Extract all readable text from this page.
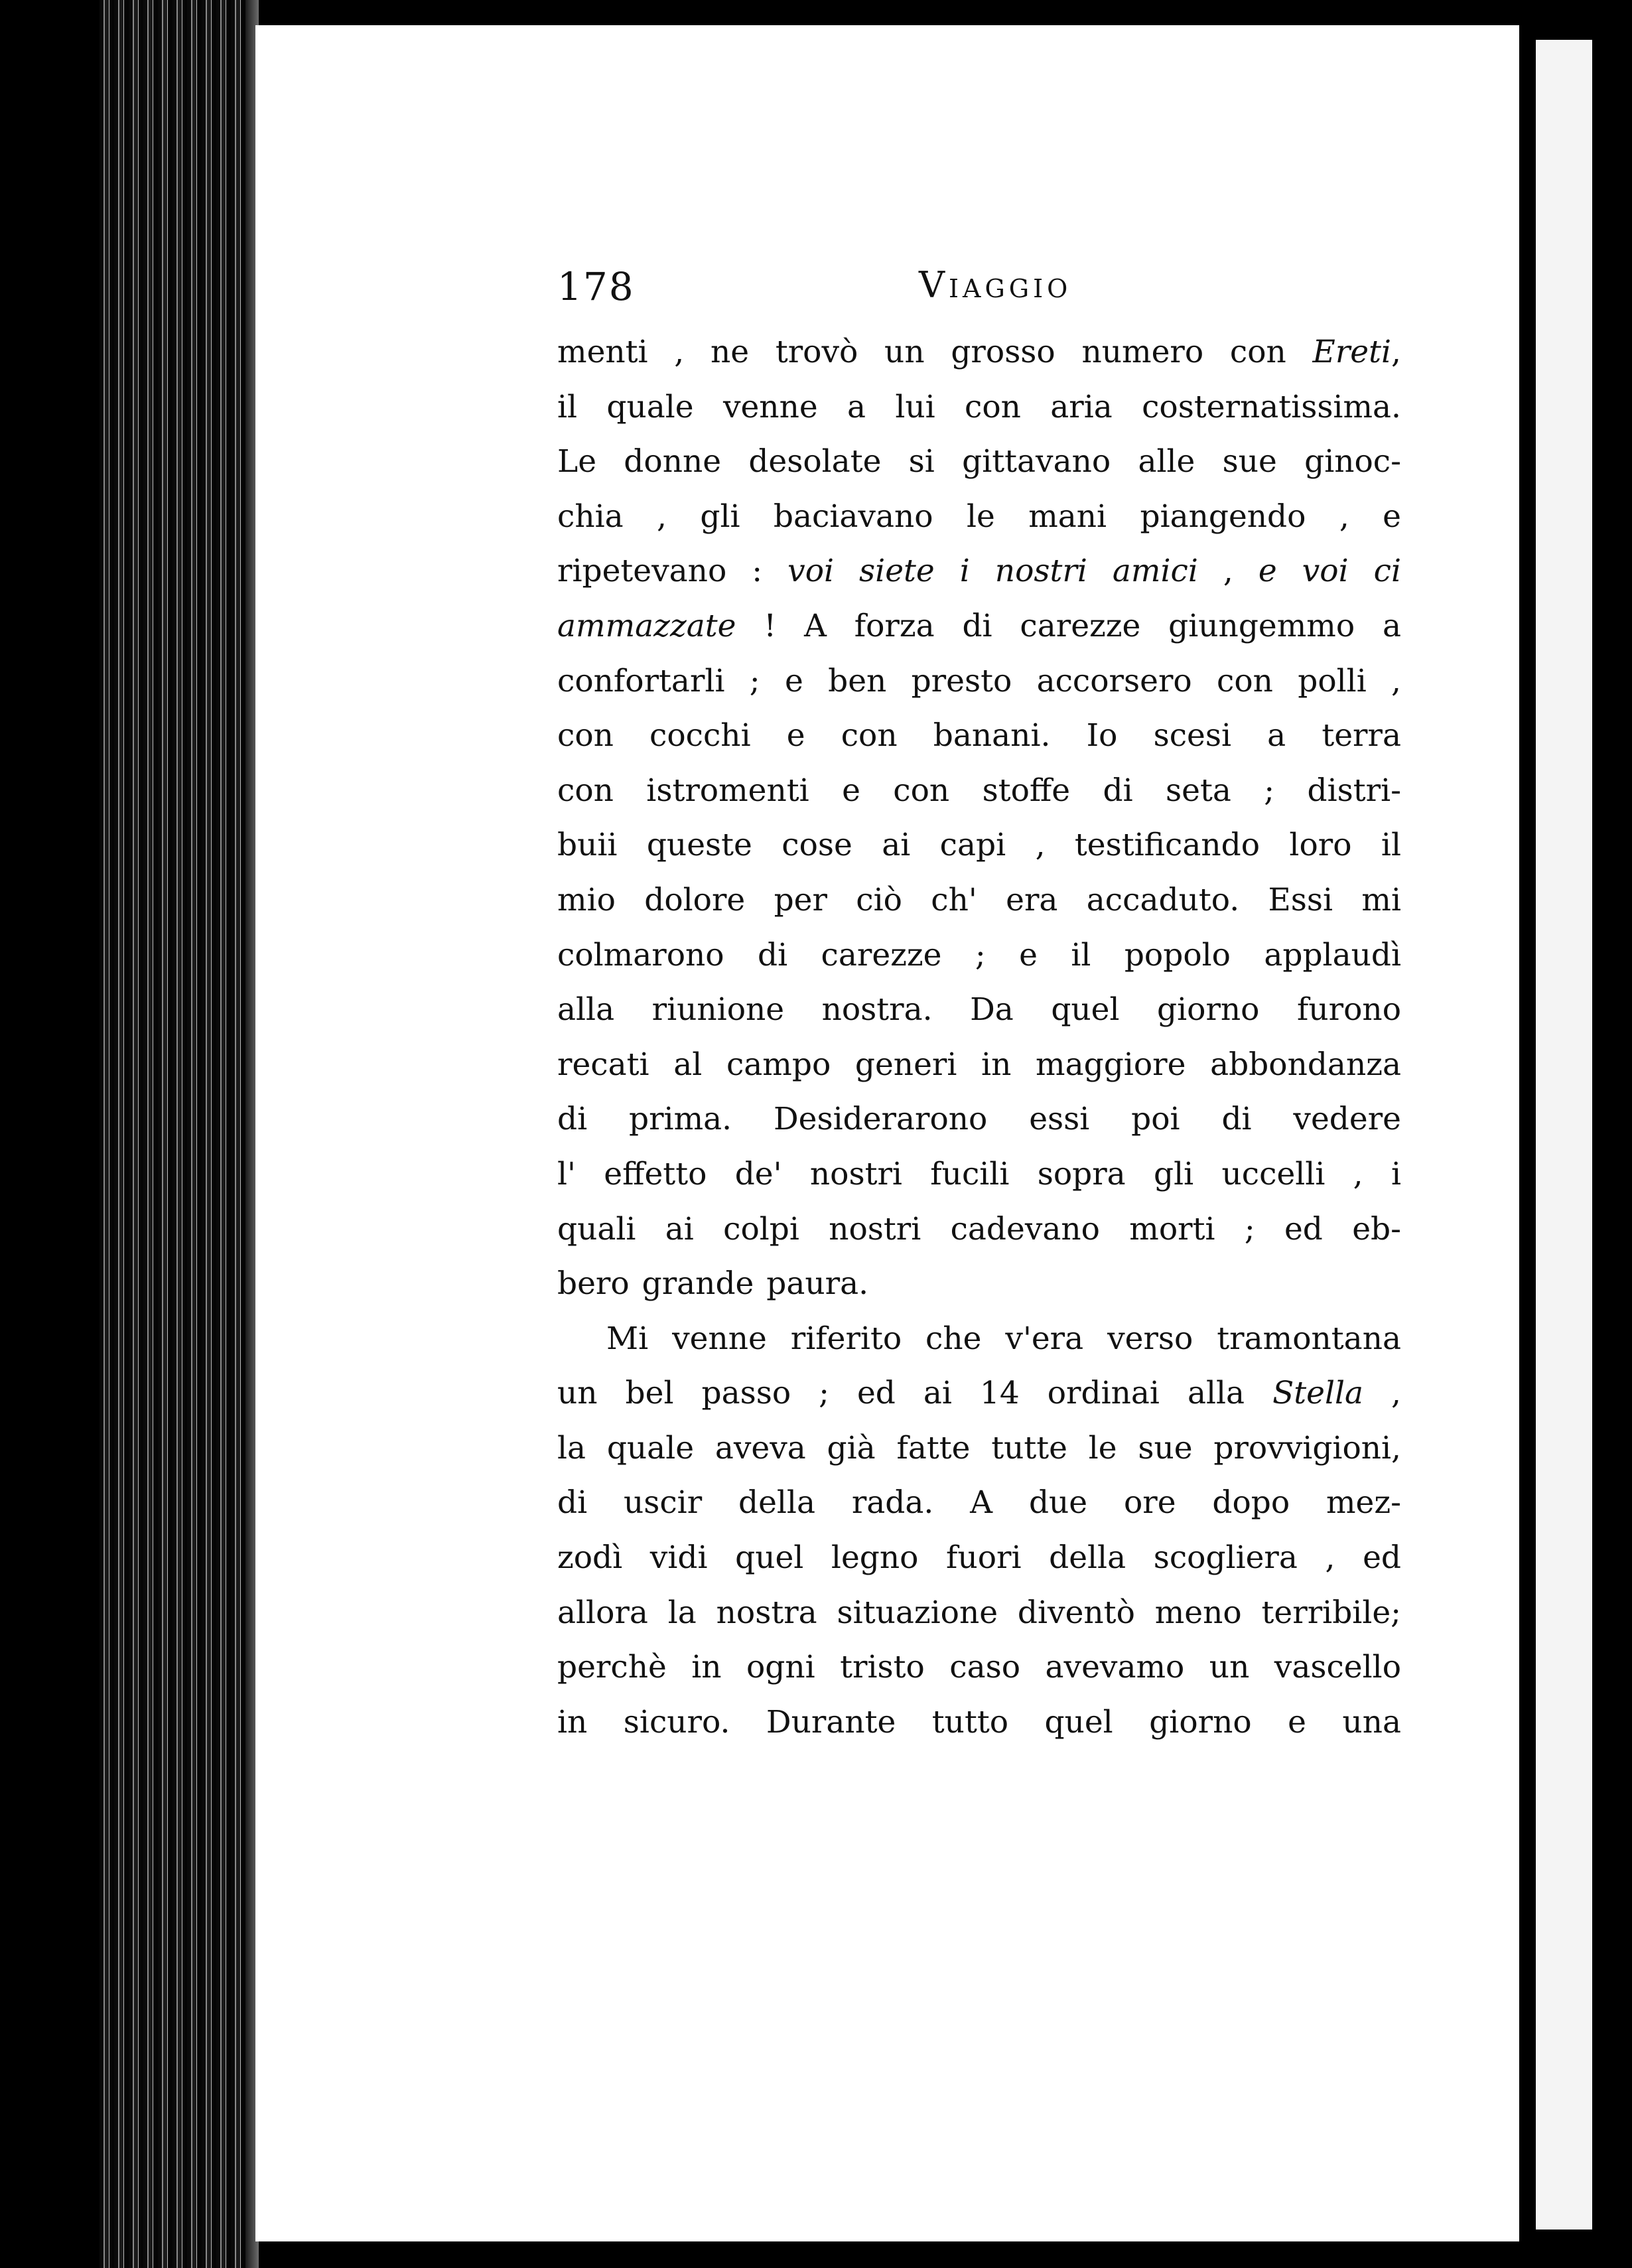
178	Viaggio
menti , ne trovò un grosso numero con Ereti,
il quale venne a lui con aria costernatissima.
Le donne desolate si gittavano alle sue ginoc-
chia , gli baciavano le mani piangendo , e
ripetevano : voi siete i nostri amici , e voi ci
ammazzate ! A forza di carezze giungemmo a
confortarli ; e ben presto accorsero con polli ,
con cocchi e con banani. Io scesi a terra
con istromenti e con stoffe di seta ; distri-
buii queste cose ai capi , testificando loro il
mio dolore per ciò ch' era accaduto. Essi mi
colmarono di carezze ; e il popolo applaudì
alla riunione nostra. Da quel giorno furono
recati al campo generi in maggiore abbondanza
di prima. Desiderarono essi poi di vedere
l' effetto de' nostri fucili sopra gli uccelli , i
quali ai colpi nostri cadevano morti ; ed eb-
bero grande paura.
Mi venne riferito che v'era verso tramontana
un bel passo ; ed ai 14 ordinai alla Stella ,
la quale aveva già fatte tutte le sue provvigioni,
di uscir della rada. A due ore dopo mez-
zodì vidi quel legno fuori della scogliera , ed
allora la nostra situazione diventò meno terribile;
perchè in ogni tristo caso avevamo un vascello
in sicuro. Durante tutto quel giorno e una
